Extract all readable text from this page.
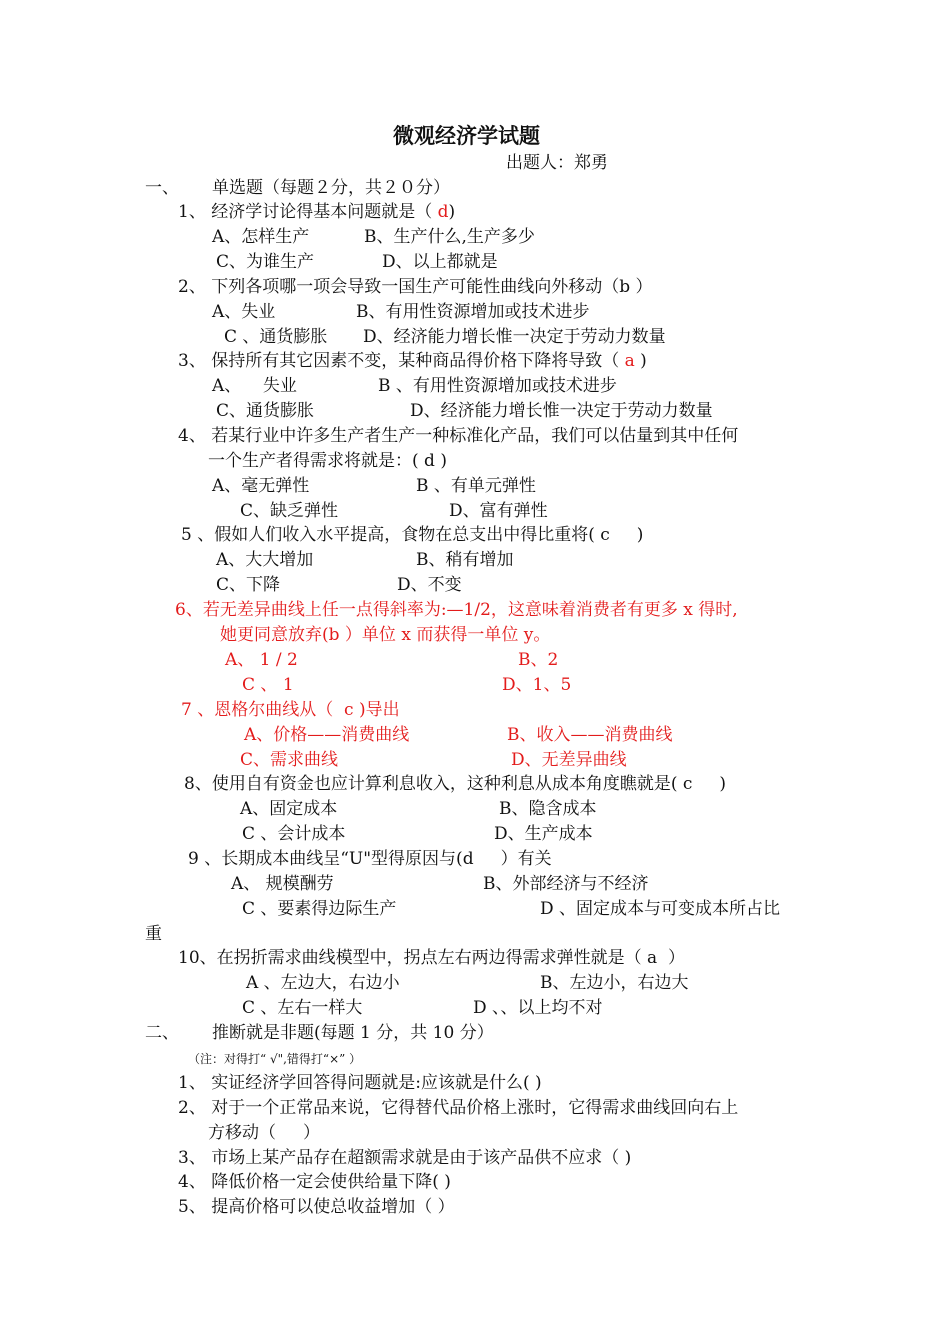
微观经济学试题
出题人：郑勇
一、 单选题（每题２分，共２０分）
1、 经济学讨论得基本问题就是（ d)
A、怎样生产	B、生产什么,生产多少
C、为谁生产	D、以上都就是
2、 下列各项哪一项会导致一国生产可能性曲线向外移动（b ）
A、失业	B、有用性资源增加或技术进步
C 、通货膨胀 D、经济能力增长惟一决定于劳动力数量
3、 保持所有其它因素不变，某种商品得价格下降将导致（ a )
A、    失业	B 、有用性资源增加或技术进步
C、通货膨胀	D、经济能力增长惟一决定于劳动力数量
4、 若某行业中许多生产者生产一种标准化产品，我们可以估量到其中任何
一个生产者得需求将就是：( d )
A、毫无弹性	B 、有单元弹性
C、缺乏弹性	D、富有弹性
5 、假如人们收入水平提高，食物在总支出中得比重将( c     )
A、大大增加	B、稍有增加
C、下降	D、不变
6、若无差异曲线上任一点得斜率为:—1/2，这意味着消费者有更多 x 得时,
她更同意放弃(b ）单位 x 而获得一单位 y。
A、 1 / 2	B、2
C 、 1	D、1、5
7 、恩格尔曲线从（  c )导出
A、价格——消费曲线	B、收入——消费曲线
C、需求曲线	D、无差异曲线
8、使用自有资金也应计算利息收入，这种利息从成本角度瞧就是( c     )
A、固定成本	B、隐含成本
C 、会计成本	D、生产成本
9 、长期成本曲线呈“U"型得原因与(d     ）有关
A、 规模酬劳	B、外部经济与不经济
C 、要素得边际生产	D 、固定成本与可变成本所占比
重
10、在拐折需求曲线模型中，拐点左右两边得需求弹性就是（ a  ）
A 、左边大，右边小	B、左边小，右边大
C 、左右一样大	D 、、以上均不对
二、 推断就是非题(每题 1 分，共 10 分）
（注：对得打“ √",错得打“×” ）
1、 实证经济学回答得问题就是:应该就是什么( )
2、 对于一个正常品来说，它得替代品价格上涨时，它得需求曲线回向右上
方移动（     ）
3、 市场上某产品存在超额需求就是由于该产品供不应求（ )
4、 降低价格一定会使供给量下降( )
5、 提高价格可以使总收益增加（ ）
